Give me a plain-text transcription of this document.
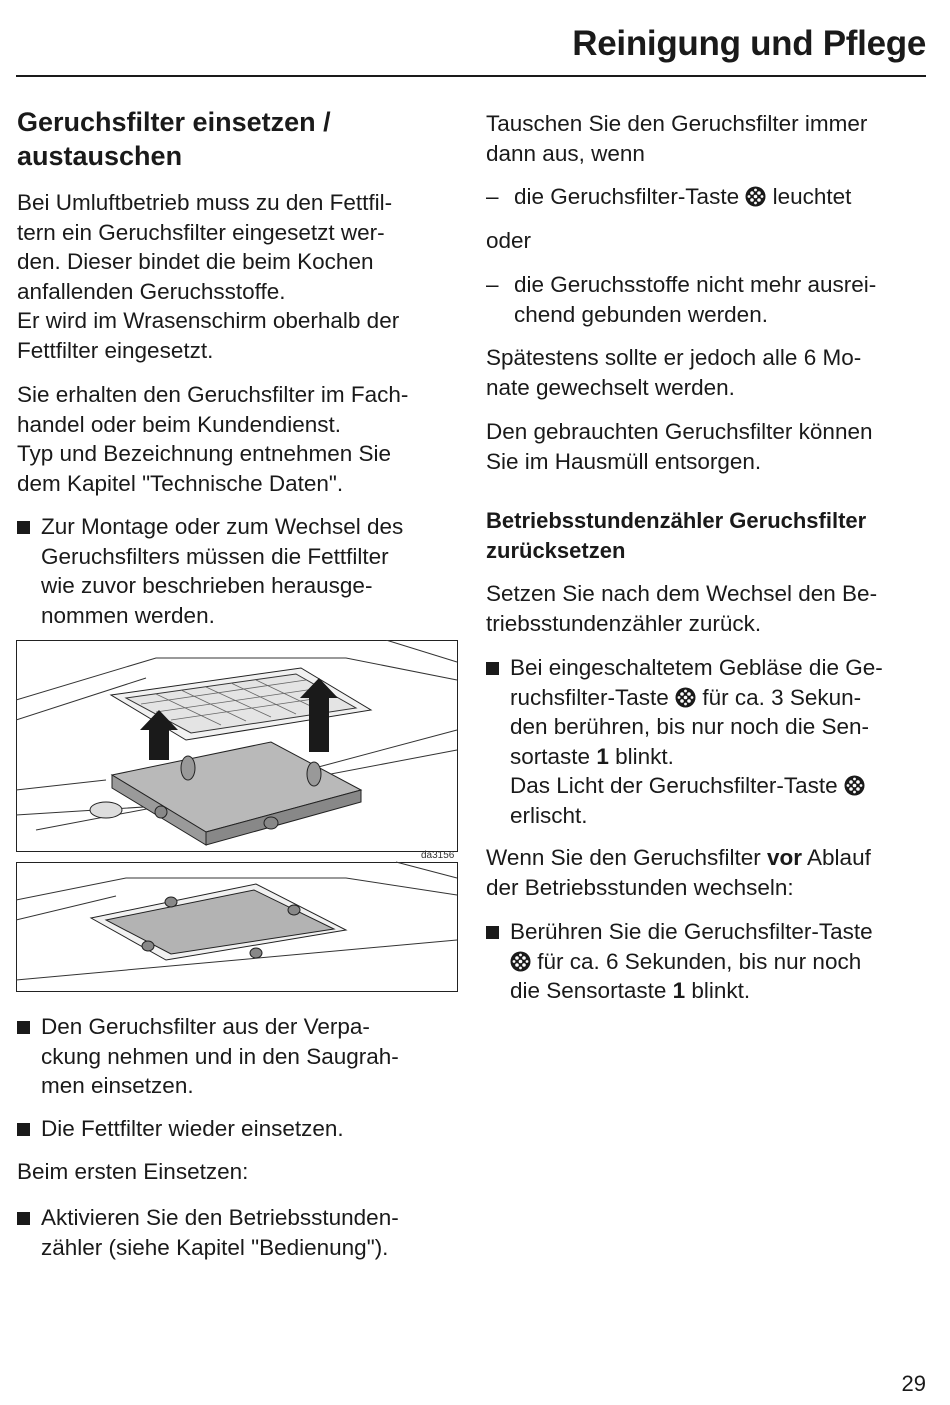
Reinigung und Pflege
Geruchsfilter einsetzen /
austauschen
Bei Umluftbetrieb muss zu den Fettfil-
tern ein Geruchsfilter eingesetzt wer-
den. Dieser bindet die beim Kochen
anfallenden Geruchsstoffe.
Er wird im Wrasenschirm oberhalb der
Fettfilter eingesetzt.
Sie erhalten den Geruchsfilter im Fach-
handel oder beim Kundendienst.
Typ und Bezeichnung entnehmen Sie
dem Kapitel "Technische Daten".
Zur Montage oder zum Wechsel des
Geruchsfilters müssen die Fettfilter
wie zuvor beschrieben herausge-
nommen werden.
da3156
Den Geruchsfilter aus der Verpa-
ckung nehmen und in den Saugrah-
men einsetzen.
Die Fettfilter wieder einsetzen.
Beim ersten Einsetzen:
Aktivieren Sie den Betriebsstunden-
zähler (siehe Kapitel "Bedienung").
Tauschen Sie den Geruchsfilter immer
dann aus, wenn
– die Geruchsfilter-Taste leuchtet
oder
– die Geruchsstoffe nicht mehr ausrei-
chend gebunden werden.
Spätestens sollte er jedoch alle 6 Mo-
nate gewechselt werden.
Den gebrauchten Geruchsfilter können
Sie im Hausmüll entsorgen.
Betriebsstundenzähler Geruchsfilter
zurücksetzen
Setzen Sie nach dem Wechsel den Be-
triebsstundenzähler zurück.
Bei eingeschaltetem Gebläse die Ge-
ruchsfilter-Taste für ca. 3 Sekun-
den berühren, bis nur noch die Sen-
sortaste 1 blinkt.
Das Licht der Geruchsfilter-Taste
erlischt.
Wenn Sie den Geruchsfilter vor Ablauf
der Betriebsstunden wechseln:
Berühren Sie die Geruchsfilter-Taste
für ca. 6 Sekunden, bis nur noch
die Sensortaste 1 blinkt.
29
